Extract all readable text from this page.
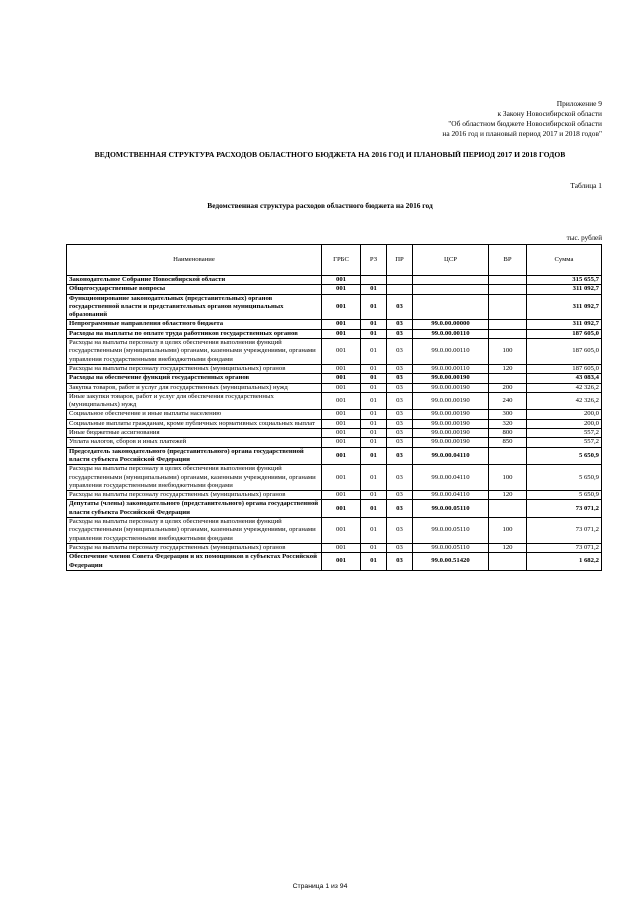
Приложение 9
к Закону Новосибирской области
"Об областном бюджете Новосибирской области
на 2016 год и плановый период 2017 и 2018 годов"
ВЕДОМСТВЕННАЯ СТРУКТУРА РАСХОДОВ ОБЛАСТНОГО БЮДЖЕТА НА 2016 ГОД И ПЛАНОВЫЙ ПЕРИОД 2017 И 2018 ГОДОВ
Таблица 1
Ведомственная структура расходов областного бюджета на 2016 год
тыс. рублей
Наименование	ГРБС	РЗ	ПР	ЦСР	ВР	Сумма
Законодательное Собрание Новосибирской области	001					315 655,7
Общегосударственные вопросы	001	01				311 092,7
Функционирование законодательных (представительных) органов государственной власти и представительных органов муниципальных образований	001	01	03			311 092,7
Непрограммные направления областного бюджета	001	01	03	99.0.00.00000		311 092,7
Расходы на выплаты по оплате труда работников государственных органов	001	01	03	99.0.00.00110		187 605,0
Расходы на выплаты персоналу в целях обеспечения выполнения функций государственными (муниципальными) органами, казенными учреждениями, органами управления государственными внебюджетными фондами	001	01	03	99.0.00.00110	100	187 605,0
Расходы на выплаты персоналу государственных (муниципальных) органов	001	01	03	99.0.00.00110	120	187 605,0
Расходы на обеспечение функций государственных органов	001	01	03	99.0.00.00190		43 083,4
Закупка товаров, работ и услуг для государственных (муниципальных) нужд	001	01	03	99.0.00.00190	200	42 326,2
Иные закупки товаров, работ и услуг для обеспечения государственных (муниципальных) нужд	001	01	03	99.0.00.00190	240	42 326,2
Социальное обеспечение и иные выплаты населению	001	01	03	99.0.00.00190	300	200,0
Социальные выплаты гражданам, кроме публичных нормативных социальных выплат	001	01	03	99.0.00.00190	320	200,0
Иные бюджетные ассигнования	001	01	03	99.0.00.00190	800	557,2
Уплата налогов, сборов и иных платежей	001	01	03	99.0.00.00190	850	557,2
Председатель законодательного (представительного) органа государственной власти субъекта Российской Федерации	001	01	03	99.0.00.04110		5 650,9
Расходы на выплаты персоналу в целях обеспечения выполнения функций государственными (муниципальными) органами, казенными учреждениями, органами управления государственными внебюджетными фондами	001	01	03	99.0.00.04110	100	5 650,9
Расходы на выплаты персоналу государственных (муниципальных) органов	001	01	03	99.0.00.04110	120	5 650,9
Депутаты (члены) законодательного (представительного) органа государственной власти субъекта Российской Федерации	001	01	03	99.0.00.05110		73 071,2
Расходы на выплаты персоналу в целях обеспечения выполнения функций государственными (муниципальными) органами, казенными учреждениями, органами управления государственными внебюджетными фондами	001	01	03	99.0.00.05110	100	73 071,2
Расходы на выплаты персоналу государственных (муниципальных) органов	001	01	03	99.0.00.05110	120	73 071,2
Обеспечение членов Совета Федерации и их помощников в субъектах Российской Федерации	001	01	03	99.0.00.51420		1 682,2
Страница 1 из 94
